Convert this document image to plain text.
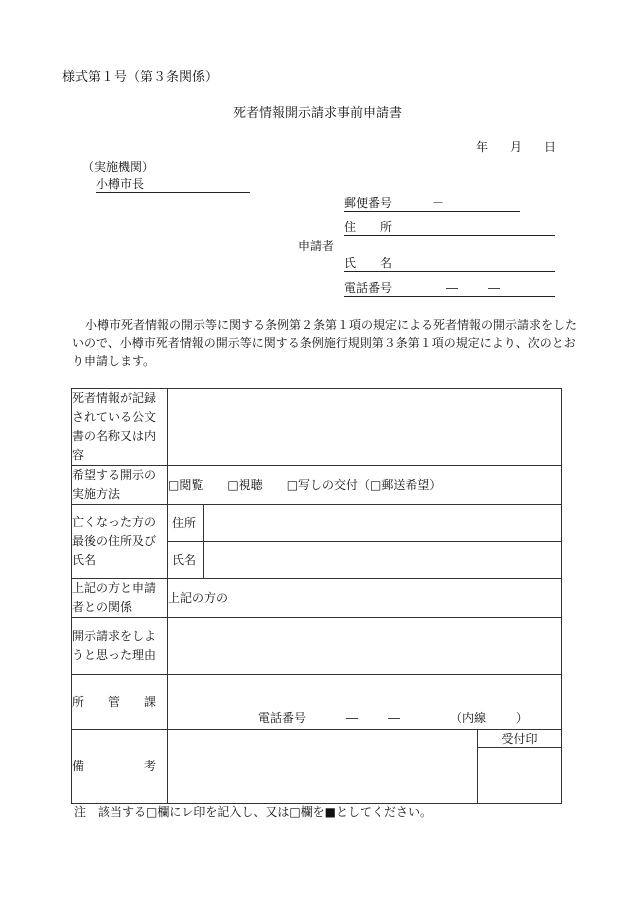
様式第１号（第３条関係）
死者情報開示請求事前申請書
年 月 日
（実施機関）
小樽市長
郵便番号	－
住　　所
申請者
氏　　名
電話番号	―	―
小樽市死者情報の開示等に関する条例第２条第１項の規定による死者情報の開示請求をした
いので、小樽市死者情報の開示等に関する条例施行規則第３条第１項の規定により、次のとお
り申請します。
死者情報が記録されている公文書の名称又は内容			
希望する開示の実施方法	□閲覧 □視聴 □写しの交付（□郵送希望）		
亡くなった方の最後の住所及び氏名	住所		
	氏名		
上記の方と申請者との関係	上記の方の		
開示請求をしようと思った理由			
所　　管　　課	電話番号 ― ― （内線 ）		
備　　　　　考			受付印

注　該当する□欄にレ印を記入し、又は□欄を■としてください。
